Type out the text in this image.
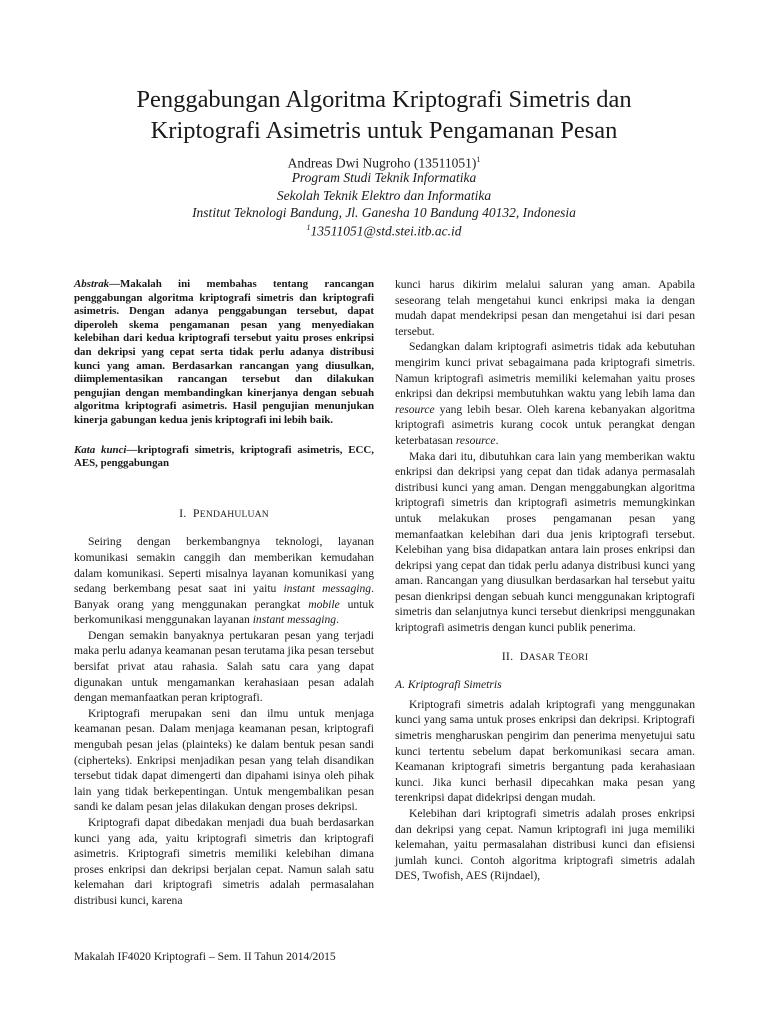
Penggabungan Algoritma Kriptografi Simetris dan
Kriptografi Asimetris untuk Pengamanan Pesan
Andreas Dwi Nugroho $(13511051)^1$
Program Studi Teknik Informatika
Sekolah Teknik Elektro dan Informatika
Institut Teknologi Bandung, Jl. Ganesha 10 Bandung 40132, Indonesia
$^1$13511051@std.stei.itb.ac.id

Abstrak—Makalah ini membahas tentang rancangan penggabungan algoritma kriptografi simetris dan kriptografi asimetris. Dengan adanya penggabungan tersebut, dapat diperoleh skema pengamanan pesan yang menyediakan kelebihan dari kedua kriptografi tersebut yaitu proses enkripsi dan dekripsi yang cepat serta tidak perlu adanya distribusi kunci yang aman. Berdasarkan rancangan yang diusulkan, diimplementasikan rancangan tersebut dan dilakukan pengujian dengan membandingkan kinerjanya dengan sebuah algoritma kriptografi asimetris. Hasil pengujian menunjukan kinerja gabungan kedua jenis kriptografi ini lebih baik.

Kata kunci—kriptografi simetris, kriptografi asimetris, ECC, AES, penggabungan

I. PENDAHULUAN

Seiring dengan berkembangnya teknologi, layanan komunikasi semakin canggih dan memberikan kemudahan dalam komunikasi. Seperti misalnya layanan komunikasi yang sedang berkembang pesat saat ini yaitu instant messaging. Banyak orang yang menggunakan perangkat mobile untuk berkomunikasi menggunakan layanan instant messaging.

Dengan semakin banyaknya pertukaran pesan yang terjadi maka perlu adanya keamanan pesan terutama jika pesan tersebut bersifat privat atau rahasia. Salah satu cara yang dapat digunakan untuk mengamankan kerahasiaan pesan adalah dengan memanfaatkan peran kriptografi.

Kriptografi merupakan seni dan ilmu untuk menjaga keamanan pesan. Dalam menjaga keamanan pesan, kriptografi mengubah pesan jelas (plainteks) ke dalam bentuk pesan sandi (cipherteks). Enkripsi menjadikan pesan yang telah disandikan tersebut tidak dapat dimengerti dan dipahami isinya oleh pihak lain yang tidak berkepentingan. Untuk mengembalikan pesan sandi ke dalam pesan jelas dilakukan dengan proses dekripsi.

Kriptografi dapat dibedakan menjadi dua buah berdasarkan kunci yang ada, yaitu kriptografi simetris dan kriptografi asimetris. Kriptografi simetris memiliki kelebihan dimana proses enkripsi dan dekripsi berjalan cepat. Namun salah satu kelemahan dari kriptografi simetris adalah permasalahan distribusi kunci, karena

kunci harus dikirim melalui saluran yang aman. Apabila seseorang telah mengetahui kunci enkripsi maka ia dengan mudah dapat mendekripsi pesan dan mengetahui isi dari pesan tersebut.

Sedangkan dalam kriptografi asimetris tidak ada kebutuhan mengirim kunci privat sebagaimana pada kriptografi simetris. Namun kriptografi asimetris memiliki kelemahan yaitu proses enkripsi dan dekripsi membutuhkan waktu yang lebih lama dan resource yang lebih besar. Oleh karena kebanyakan algoritma kriptografi asimetris kurang cocok untuk perangkat dengan keterbatasan resource.

Maka dari itu, dibutuhkan cara lain yang memberikan waktu enkripsi dan dekripsi yang cepat dan tidak adanya permasalah distribusi kunci yang aman. Dengan menggabungkan algoritma kriptografi simetris dan kriptografi asimetris memungkinkan untuk melakukan proses pengamanan pesan yang memanfaatkan kelebihan dari dua jenis kriptografi tersebut. Kelebihan yang bisa didapatkan antara lain proses enkripsi dan dekripsi yang cepat dan tidak perlu adanya distribusi kunci yang aman. Rancangan yang diusulkan berdasarkan hal tersebut yaitu pesan dienkripsi dengan sebuah kunci menggunakan kriptografi simetris dan selanjutnya kunci tersebut dienkripsi menggunakan kriptografi asimetris dengan kunci publik penerima.

II. DASAR TEORI

A. Kriptografi Simetris

Kriptografi simetris adalah kriptografi yang menggunakan kunci yang sama untuk proses enkripsi dan dekripsi. Kriptografi simetris mengharuskan pengirim dan penerima menyetujui satu kunci tertentu sebelum dapat berkomunikasi secara aman. Keamanan kriptografi simetris bergantung pada kerahasiaan kunci. Jika kunci berhasil dipecahkan maka pesan yang terenkripsi dapat didekripsi dengan mudah.

Kelebihan dari kriptografi simetris adalah proses enkripsi dan dekripsi yang cepat. Namun kriptografi ini juga memiliki kelemahan, yaitu permasalahan distribusi kunci dan efisiensi jumlah kunci. Contoh algoritma kriptografi simetris adalah DES, Twofish, AES (Rijndael),

Makalah IF4020 Kriptografi – Sem. II Tahun 2014/2015
